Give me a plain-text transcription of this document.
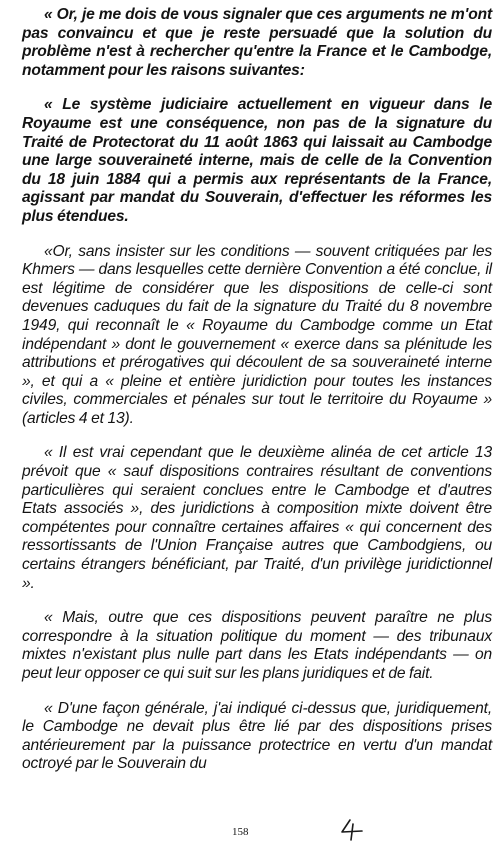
« Or, je me dois de vous signaler que ces arguments ne m'ont pas convaincu et que je reste persuadé que la solution du problème n'est à rechercher qu'entre la France et le Cambodge, notamment pour les raisons suivantes:

« Le système judiciaire actuellement en vigueur dans le Royaume est une conséquence, non pas de la signature du Traité de Protectorat du 11 août 1863 qui laissait au Cambodge une large souveraineté interne, mais de celle de la Convention du 18 juin 1884 qui a permis aux représentants de la France, agissant par mandat du Souverain, d'effectuer les réformes les plus étendues.

«Or, sans insister sur les conditions — souvent critiquées par les Khmers — dans lesquelles cette dernière Convention a été conclue, il est légitime de considérer que les dispositions de celle-ci sont devenues caduques du fait de la signature du Traité du 8 novembre 1949, qui reconnaît le « Royaume du Cambodge comme un Etat indépendant » dont le gouvernement « exerce dans sa plénitude les attributions et prérogatives qui découlent de sa souveraineté interne », et qui a « pleine et entière juridiction pour toutes les instances civiles, commerciales et pénales sur tout le territoire du Royaume » (articles 4 et 13).

« Il est vrai cependant que le deuxième alinéa de cet article 13 prévoit que « sauf dispositions contraires résultant de conventions particulières qui seraient conclues entre le Cambodge et d'autres Etats associés », des juridictions à composition mixte doivent être compétentes pour connaître certaines affaires « qui concernent des ressortissants de l'Union Française autres que Cambodgiens, ou certains étrangers bénéficiant, par Traité, d'un privilège juridictionnel ».

« Mais, outre que ces dispositions peuvent paraître ne plus correspondre à la situation politique du moment — des tribunaux mixtes n'existant plus nulle part dans les Etats indépendants — on peut leur opposer ce qui suit sur les plans juridiques et de fait.

« D'une façon générale, j'ai indiqué ci-dessus que, juridiquement, le Cambodge ne devait plus être lié par des dispositions prises antérieurement par la puissance protectrice en vertu d'un mandat octroyé par le Souverain du

158
